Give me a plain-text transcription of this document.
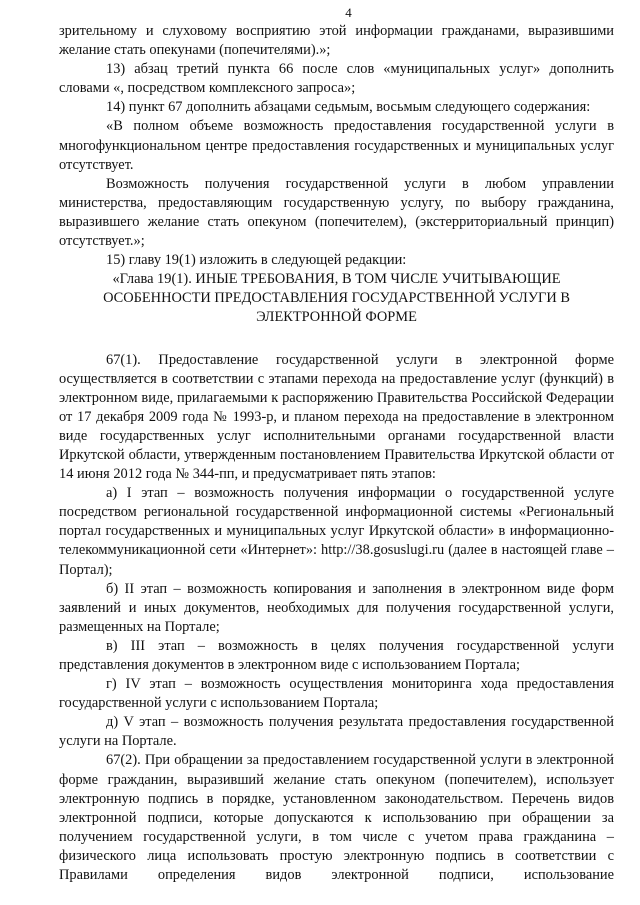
4

зрительному и слуховому восприятию этой информации гражданами, выразившими желание стать опекунами (попечителями).»;

13) абзац третий пункта 66 после слов «муниципальных услуг» дополнить словами «, посредством комплексного запроса»;

14) пункт 67 дополнить абзацами седьмым, восьмым следующего содержания:

«В полном объеме возможность предоставления государственной услуги в многофункциональном центре предоставления государственных и муниципальных услуг отсутствует.

Возможность получения государственной услуги в любом управлении министерства, предоставляющим государственную услугу, по выбору гражданина, выразившего желание стать опекуном (попечителем), (экстерриториальный принцип) отсутствует.»;

15) главу 19(1) изложить в следующей редакции:

«Глава 19(1). ИНЫЕ ТРЕБОВАНИЯ, В ТОМ ЧИСЛЕ УЧИТЫВАЮЩИЕ
ОСОБЕННОСТИ ПРЕДОСТАВЛЕНИЯ ГОСУДАРСТВЕННОЙ УСЛУГИ В ЭЛЕКТРОННОЙ ФОРМЕ

67(1). Предоставление государственной услуги в электронной форме осуществляется в соответствии с этапами перехода на предоставление услуг (функций) в электронном виде, прилагаемыми к распоряжению Правительства Российской Федерации от 17 декабря 2009 года № 1993-р, и планом перехода на предоставление в электронном виде государственных услуг исполнительными органами государственной власти Иркутской области, утвержденным постановлением Правительства Иркутской области от 14 июня 2012 года № 344-пп, и предусматривает пять этапов:

а) I этап – возможность получения информации о государственной услуге посредством региональной государственной информационной системы «Региональный портал государственных и муниципальных услуг Иркутской области» в информационно-телекоммуникационной сети «Интернет»: http://38.gosuslugi.ru (далее в настоящей главе – Портал);

б) II этап – возможность копирования и заполнения в электронном виде форм заявлений и иных документов, необходимых для получения государственной услуги, размещенных на Портале;

в) III этап – возможность в целях получения государственной услуги представления документов в электронном виде с использованием Портала;

г) IV этап – возможность осуществления мониторинга хода предоставления государственной услуги с использованием Портала;

д) V этап – возможность получения результата предоставления государственной услуги на Портале.

67(2). При обращении за предоставлением государственной услуги в электронной форме гражданин, выразивший желание стать опекуном (попечителем), использует электронную подпись в порядке, установленном законодательством. Перечень видов электронной подписи, которые допускаются к использованию при обращении за получением государственной услуги, в том числе с учетом права гражданина – физического лица использовать простую электронную подпись в соответствии с Правилами определения видов электронной подписи, использование
